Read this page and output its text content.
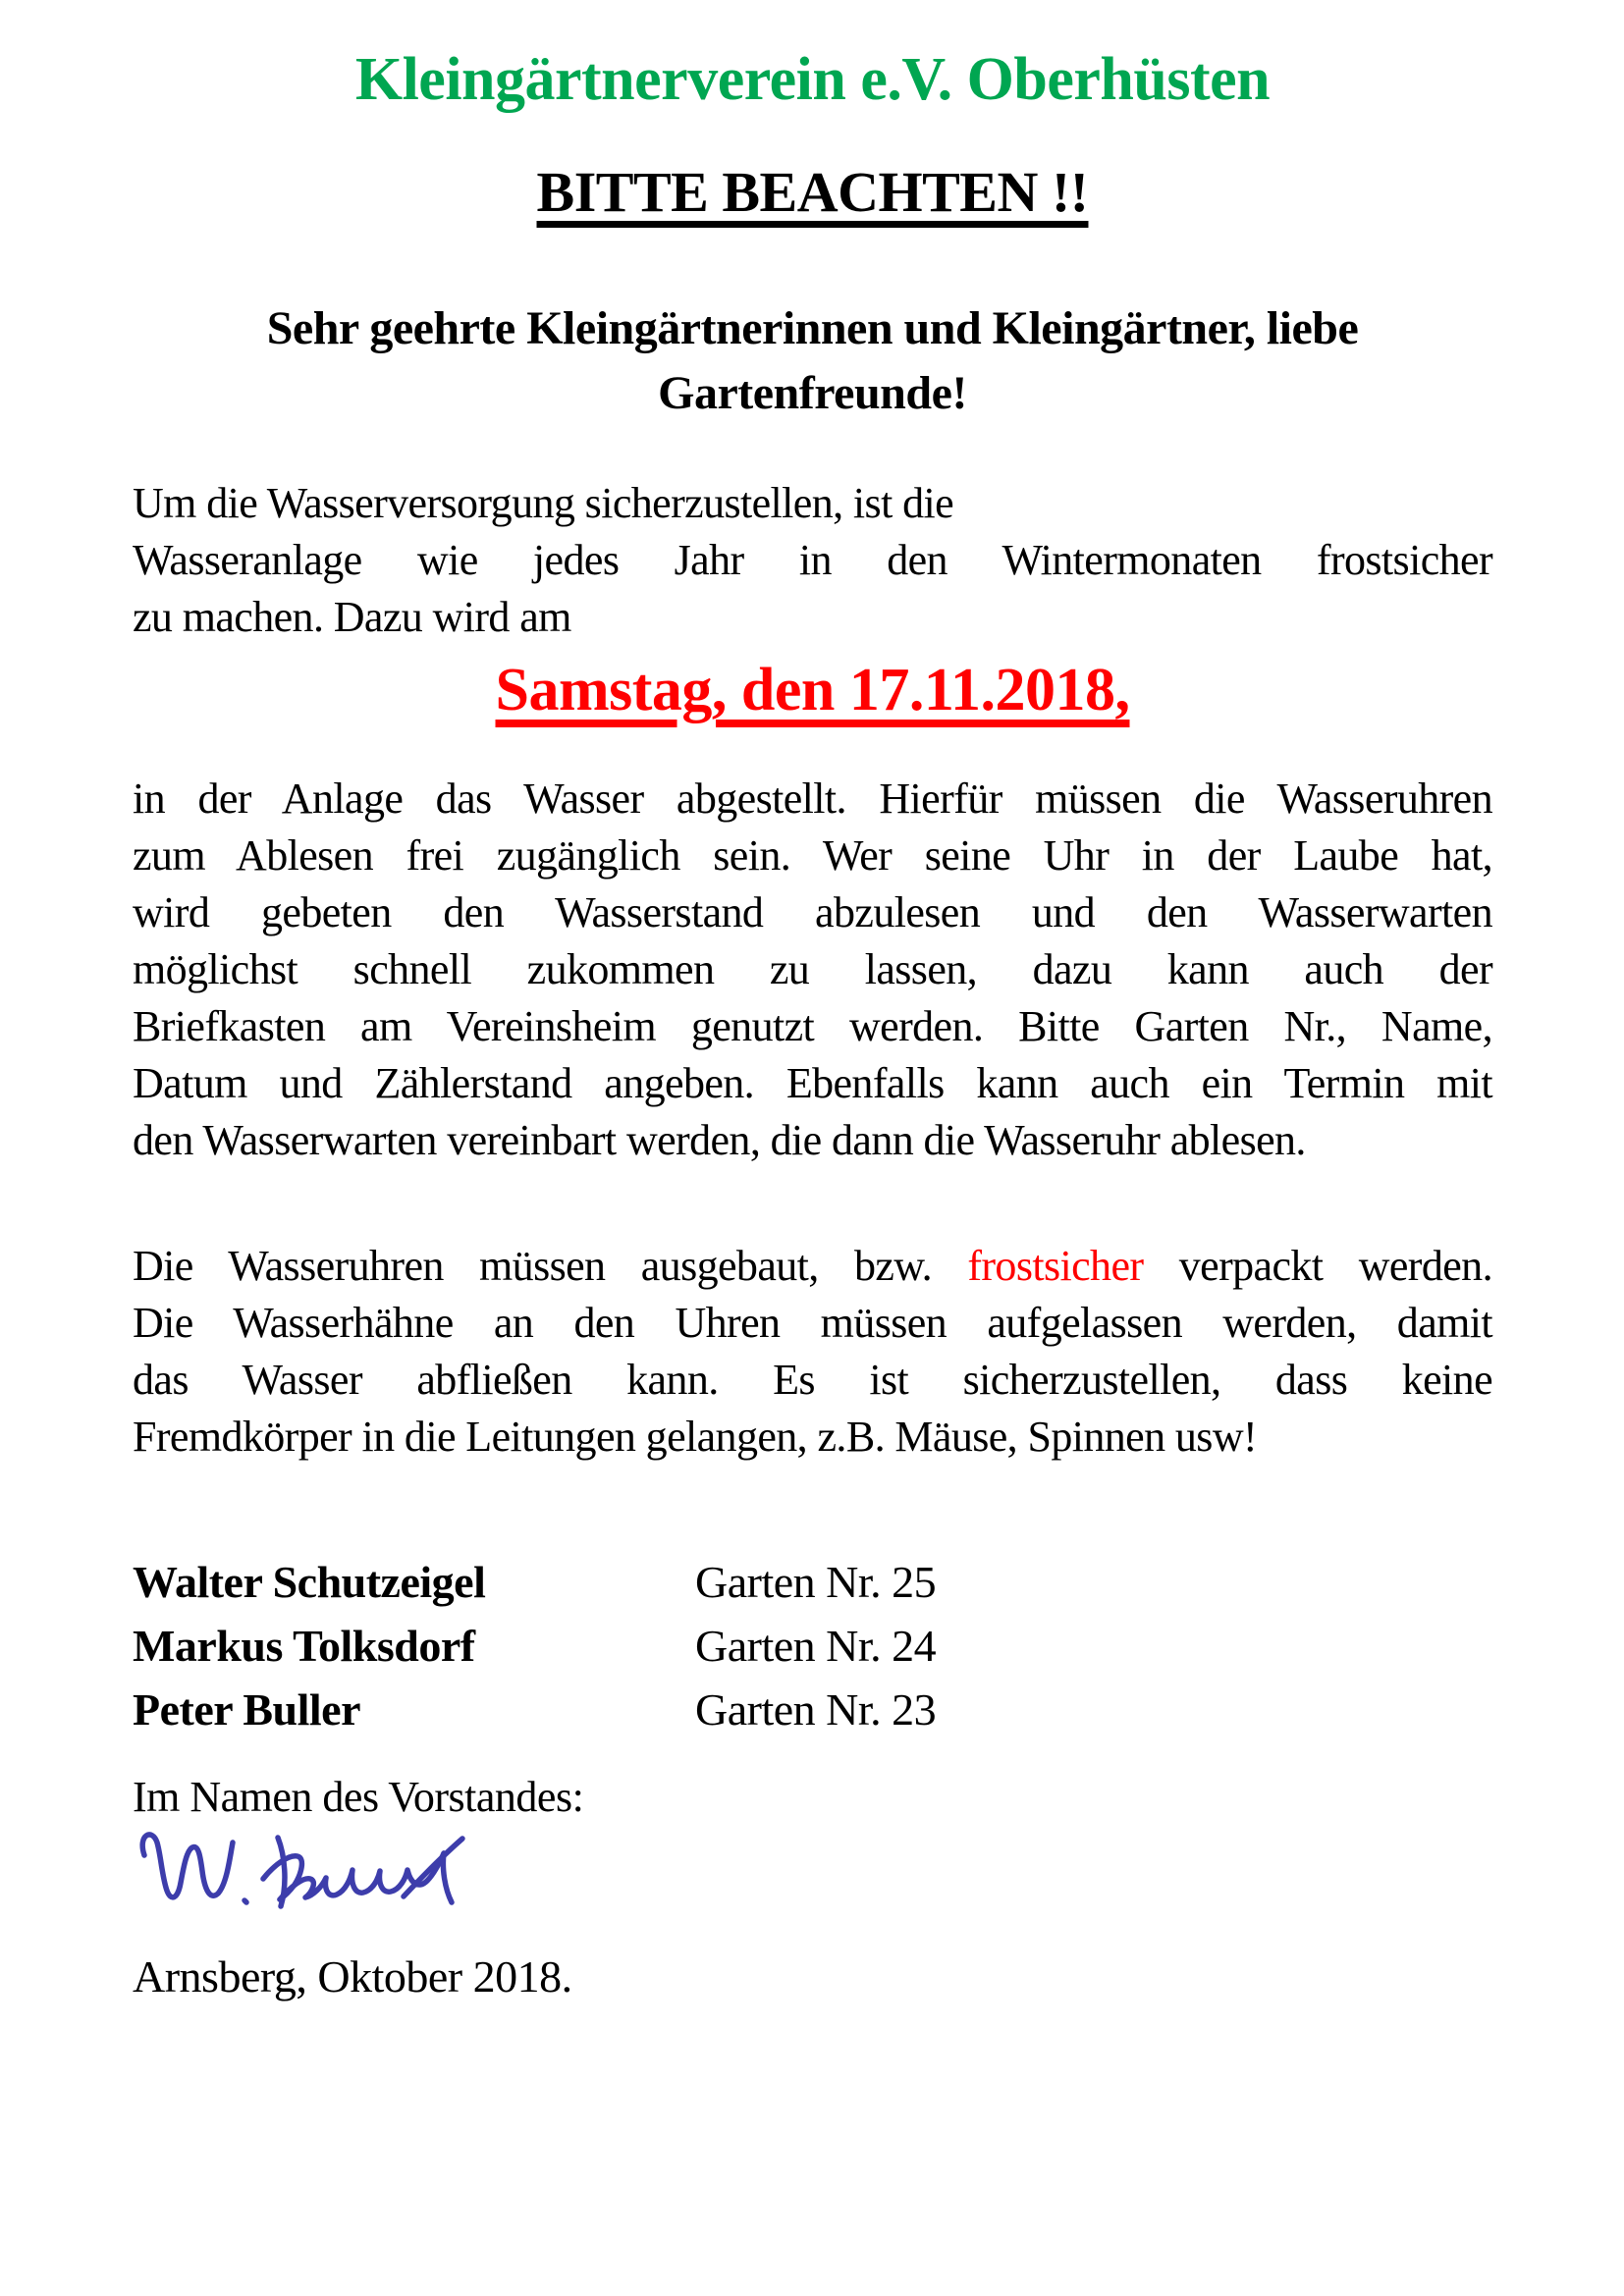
Kleingärtnerverein e.V. Oberhüsten
BITTE BEACHTEN !!
Sehr geehrte Kleingärtnerinnen und Kleingärtner, liebe
Gartenfreunde!
Um die Wasserversorgung sicherzustellen, ist die
Wasseranlage wie jedes Jahr in den Wintermonaten frostsicher
zu machen. Dazu wird am
Samstag, den 17.11.2018,
in der Anlage das Wasser abgestellt. Hierfür müssen die Wasseruhren
zum Ablesen frei zugänglich sein. Wer seine Uhr in der Laube hat,
wird gebeten den Wasserstand abzulesen und den Wasserwarten
möglichst schnell zukommen zu lassen, dazu kann auch der
Briefkasten am Vereinsheim genutzt werden. Bitte Garten Nr., Name,
Datum und Zählerstand angeben. Ebenfalls kann auch ein Termin mit
den Wasserwarten vereinbart werden, die dann die Wasseruhr ablesen.
Die Wasseruhren müssen ausgebaut, bzw. frostsicher verpackt werden.
Die Wasserhähne an den Uhren müssen aufgelassen werden, damit
das Wasser abfließen kann. Es ist sicherzustellen, dass keine
Fremdkörper in die Leitungen gelangen, z.B. Mäuse, Spinnen usw!
Walter Schutzeigel	Garten Nr. 25
Markus Tolksdorf	Garten Nr. 24
Peter Buller	Garten Nr. 23
Im Namen des Vorstandes:
Arnsberg, Oktober 2018.
